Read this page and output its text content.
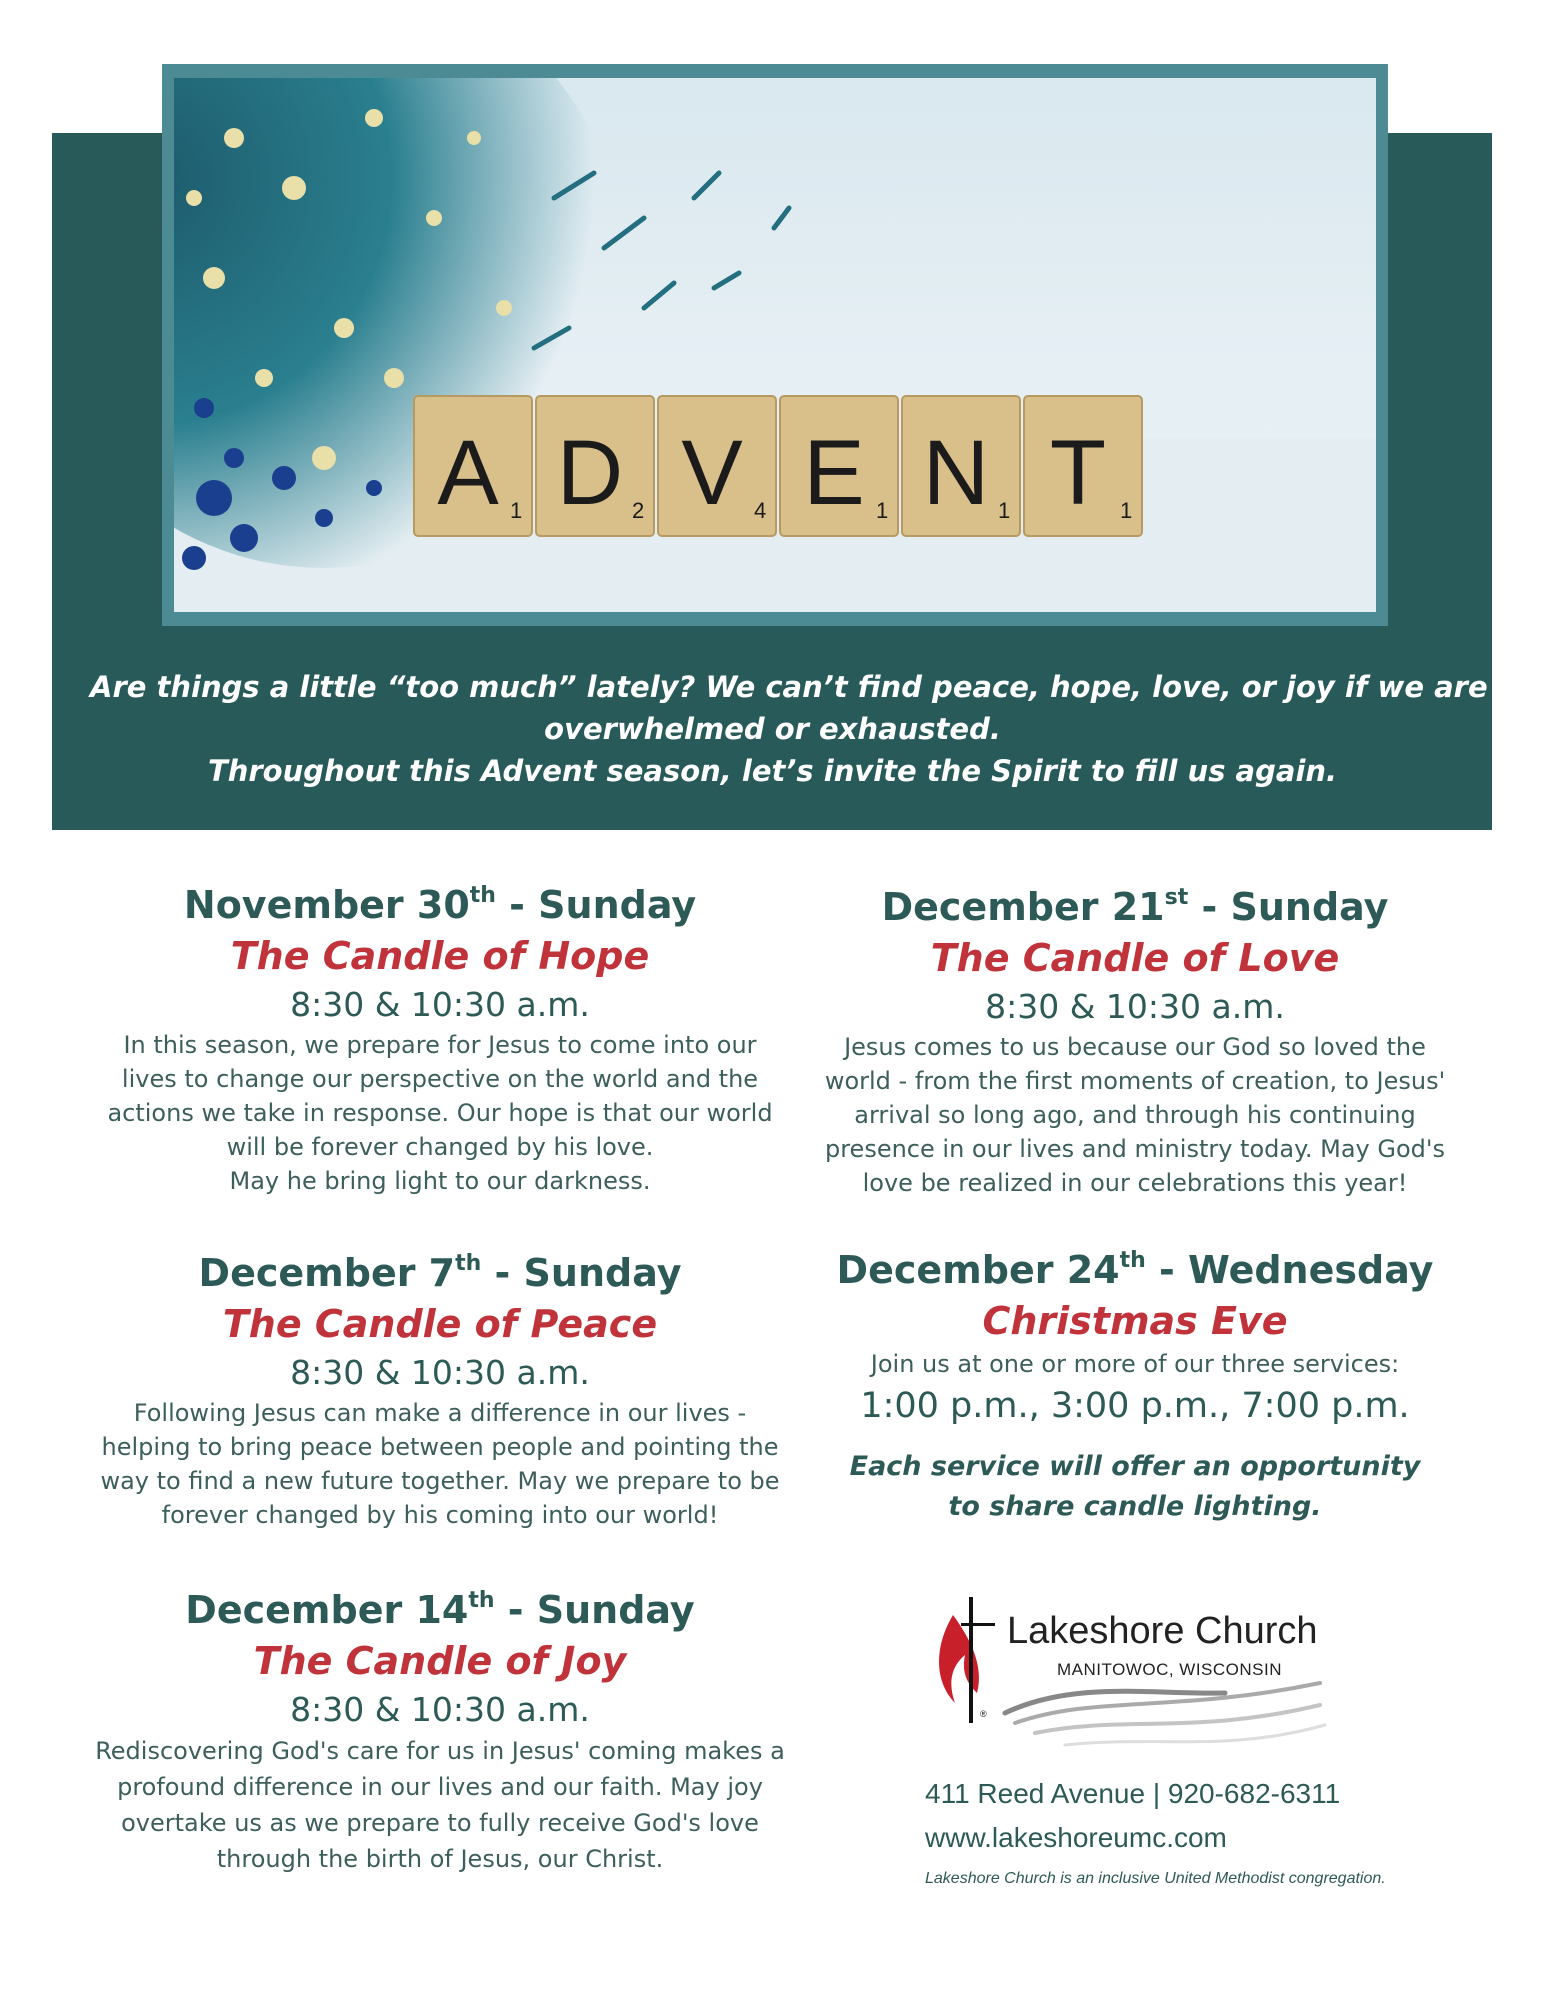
A 1 D 2 V 4 E 1 N 1 T 1
Are things a little “too much” lately? We can’t find peace, hope, love, or joy if we are
overwhelmed or exhausted.
Throughout this Advent season, let’s invite the Spirit to fill us again.
November 30th - Sunday
The Candle of Hope
8:30 & 10:30 a.m.
In this season, we prepare for Jesus to come into our
lives to change our perspective on the world and the
actions we take in response. Our hope is that our world
will be forever changed by his love.
May he bring light to our darkness.
December 7th - Sunday
The Candle of Peace
8:30 & 10:30 a.m.
Following Jesus can make a difference in our lives -
helping to bring peace between people and pointing the
way to find a new future together. May we prepare to be
forever changed by his coming into our world!
December 14th - Sunday
The Candle of Joy
8:30 & 10:30 a.m.
Rediscovering God's care for us in Jesus' coming makes a
profound difference in our lives and our faith. May joy
overtake us as we prepare to fully receive God's love
through the birth of Jesus, our Christ.
December 21st - Sunday
The Candle of Love
8:30 & 10:30 a.m.
Jesus comes to us because our God so loved the
world - from the first moments of creation, to Jesus'
arrival so long ago, and through his continuing
presence in our lives and ministry today. May God's
love be realized in our celebrations this year!
December 24th - Wednesday
Christmas Eve
Join us at one or more of our three services:
1:00 p.m., 3:00 p.m., 7:00 p.m.
Each service will offer an opportunity
to share candle lighting.
®
Lakeshore Church
MANITOWOC, WISCONSIN
411 Reed Avenue | 920-682-6311
www.lakeshoreumc.com
Lakeshore Church is an inclusive United Methodist congregation.
